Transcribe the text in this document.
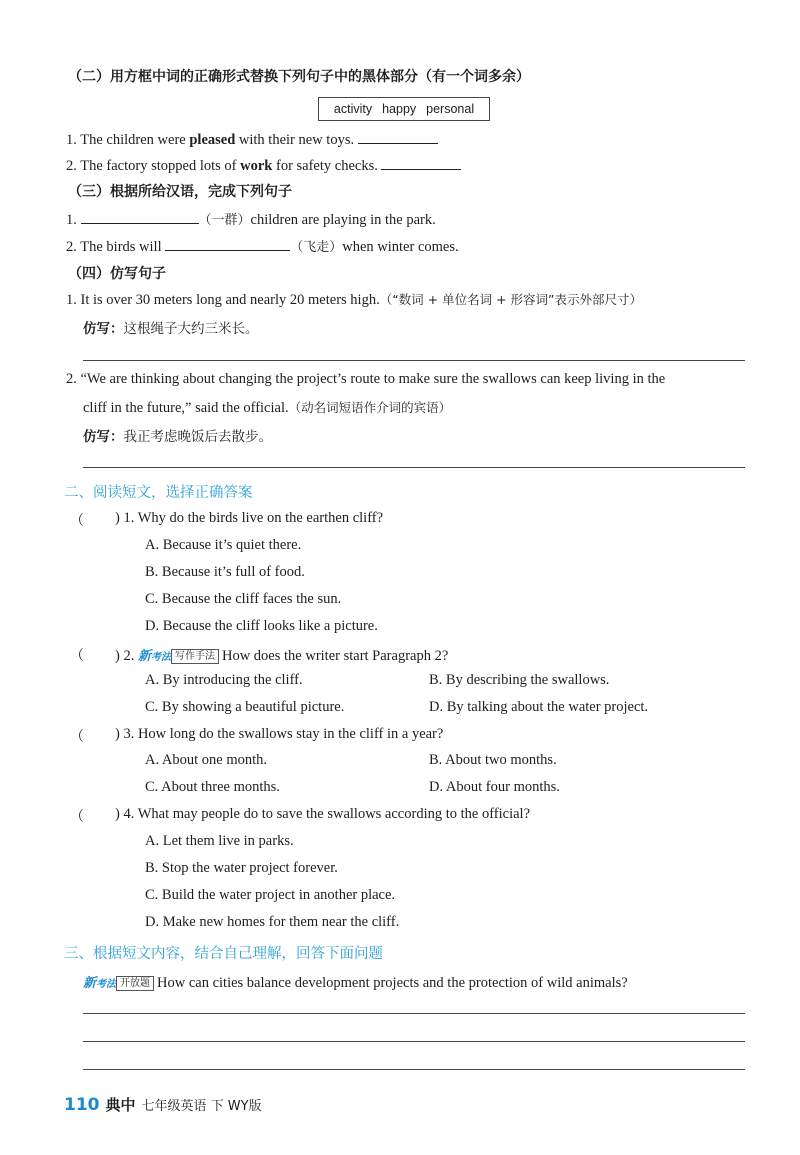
（二）用方框中词的正确形式替换下列句子中的黑体部分（有一个词多余）
activity happy personal
1. The children were pleased with their new toys.
2. The factory stopped lots of work for safety checks.
（三）根据所给汉语，完成下列句子
1.	（一群）children are playing in the park.
2. The birds will	（飞走）when winter comes.
（四）仿写句子
1. It is over 30 meters long and nearly 20 meters high.（“数词 + 单位名词 + 形容词”表示外部尺寸）
仿写：这根绳子大约三米长。
2. “We are thinking about changing the project’s route to make sure the swallows can keep living in the
cliff in the future,” said the official.（动名词短语作介词的宾语）
仿写：我正考虑晚饭后去散步。
二、阅读短文，选择正确答案
（ ) 1. Why do the birds live on the earthen cliff?
A. Because it’s quiet there.
B. Because it’s full of food.
C. Because the cliff faces the sun.
D. Because the cliff looks like a picture.
（ ) 2. 新考法 写作手法 How does the writer start Paragraph 2?
A. By introducing the cliff.	B. By describing the swallows.
C. By showing a beautiful picture.	D. By talking about the water project.
（ ) 3. How long do the swallows stay in the cliff in a year?
A. About one month.	B. About two months.
C. About three months.	D. About four months.
（ ) 4. What may people do to save the swallows according to the official?
A. Let them live in parks.
B. Stop the water project forever.
C. Build the water project in another place.
D. Make new homes for them near the cliff.
三、根据短文内容，结合自己理解，回答下面问题
新考法 开放题 How can cities balance development projects and the protection of wild animals?
110 典中 七年级英语 下 WY版
